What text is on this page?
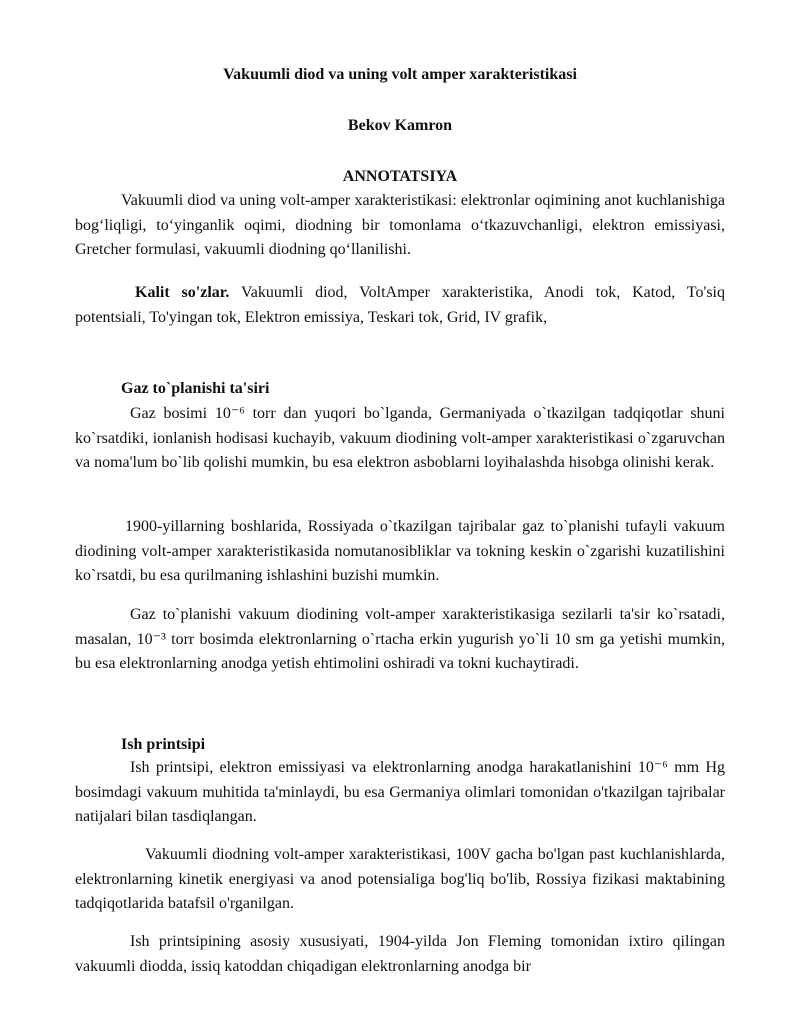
Vakuumli diod va uning volt amper xarakteristikasi
Bekov Kamron
ANNOTATSIYA
Vakuumli diod va uning volt-amper xarakteristikasi: elektronlar oqimining anot kuchlanishiga bog‘liqligi, to‘yinganlik oqimi, diodning bir tomonlama o‘tkazuvchanligi, elektron emissiyasi, Gretcher formulasi, vakuumli diodning qo‘llanilishi.
Kalit so'zlar. Vakuumli diod, VoltAmper xarakteristika, Anodi tok, Katod, To'siq potentsiali, To'yingan tok, Elektron emissiya, Teskari tok, Grid, IV grafik,
Gaz to`planishi ta'siri
Gaz bosimi 10⁻⁶ torr dan yuqori bo`lganda, Germaniyada o`tkazilgan tadqiqotlar shuni ko`rsatdiki, ionlanish hodisasi kuchayib, vakuum diodining volt-amper xarakteristikasi o`zgaruvchan va noma'lum bo`lib qolishi mumkin, bu esa elektron asboblarni loyihalashda hisobga olinishi kerak.
1900-yillarning boshlarida, Rossiyada o`tkazilgan tajribalar gaz to`planishi tufayli vakuum diodining volt-amper xarakteristikasida nomutanosibliklar va tokning keskin o`zgarishi kuzatilishini ko`rsatdi, bu esa qurilmaning ishlashini buzishi mumkin.
Gaz to`planishi vakuum diodining volt-amper xarakteristikasiga sezilarli ta'sir ko`rsatadi, masalan, 10⁻³ torr bosimda elektronlarning o`rtacha erkin yugurish yo`li 10 sm ga yetishi mumkin, bu esa elektronlarning anodga yetish ehtimolini oshiradi va tokni kuchaytiradi.
Ish printsipi
Ish printsipi, elektron emissiyasi va elektronlarning anodga harakatlanishini 10⁻⁶ mm Hg bosimdagi vakuum muhitida ta'minlaydi, bu esa Germaniya olimlari tomonidan o'tkazilgan tajribalar natijalari bilan tasdiqlangan.
Vakuumli diodning volt-amper xarakteristikasi, 100V gacha bo'lgan past kuchlanishlarda, elektronlarning kinetik energiyasi va anod potensialiga bog'liq bo'lib, Rossiya fizikasi maktabining tadqiqotlarida batafsil o'rganilgan.
Ish printsipining asosiy xususiyati, 1904-yilda Jon Fleming tomonidan ixtiro qilingan vakuumli diodda, issiq katoddan chiqadigan elektronlarning anodga bir
